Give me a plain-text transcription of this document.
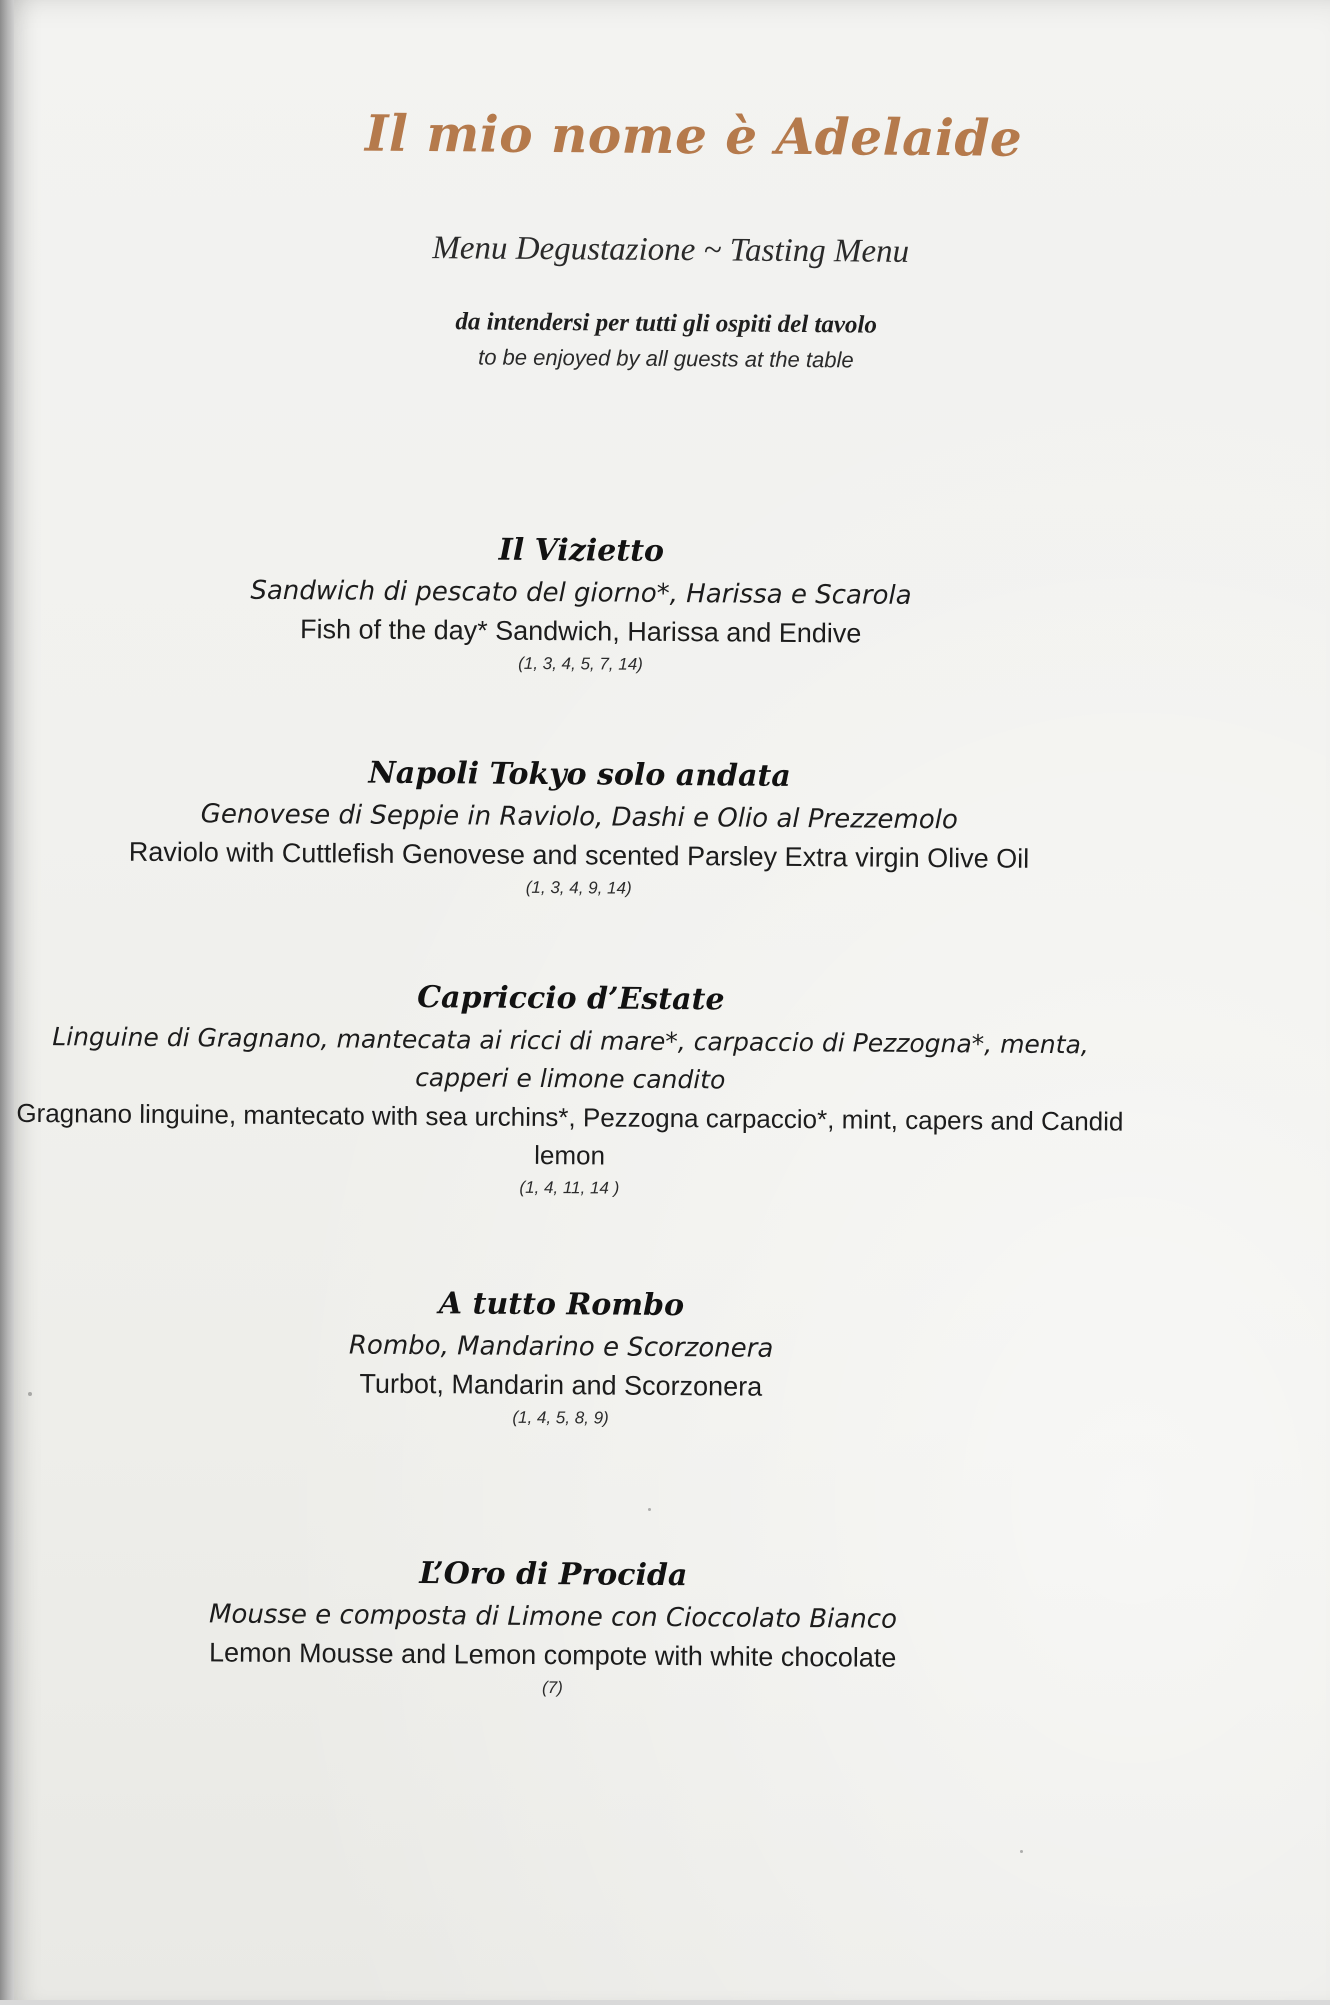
Il mio nome è Adelaide
Menu Degustazione ~ Tasting Menu
da intendersi per tutti gli ospiti del tavolo
to be enjoyed by all guests at the table
Il Vizietto
Sandwich di pescato del giorno*, Harissa e Scarola
Fish of the day* Sandwich, Harissa and Endive
(1, 3, 4, 5, 7, 14)
Napoli Tokyo solo andata
Genovese di Seppie in Raviolo, Dashi e Olio al Prezzemolo
Raviolo with Cuttlefish Genovese and scented Parsley Extra virgin Olive Oil
(1, 3, 4, 9, 14)
Capriccio d’Estate
Linguine di Gragnano, mantecata ai ricci di mare*, carpaccio di Pezzogna*, menta,
capperi e limone candito
Gragnano linguine, mantecato with sea urchins*, Pezzogna carpaccio*, mint, capers and Candid
lemon
(1, 4, 11, 14 )
A tutto Rombo
Rombo, Mandarino e Scorzonera
Turbot, Mandarin and Scorzonera
(1, 4, 5, 8, 9)
L’Oro di Procida
Mousse e composta di Limone con Cioccolato Bianco
Lemon Mousse and Lemon compote with white chocolate
(7)
